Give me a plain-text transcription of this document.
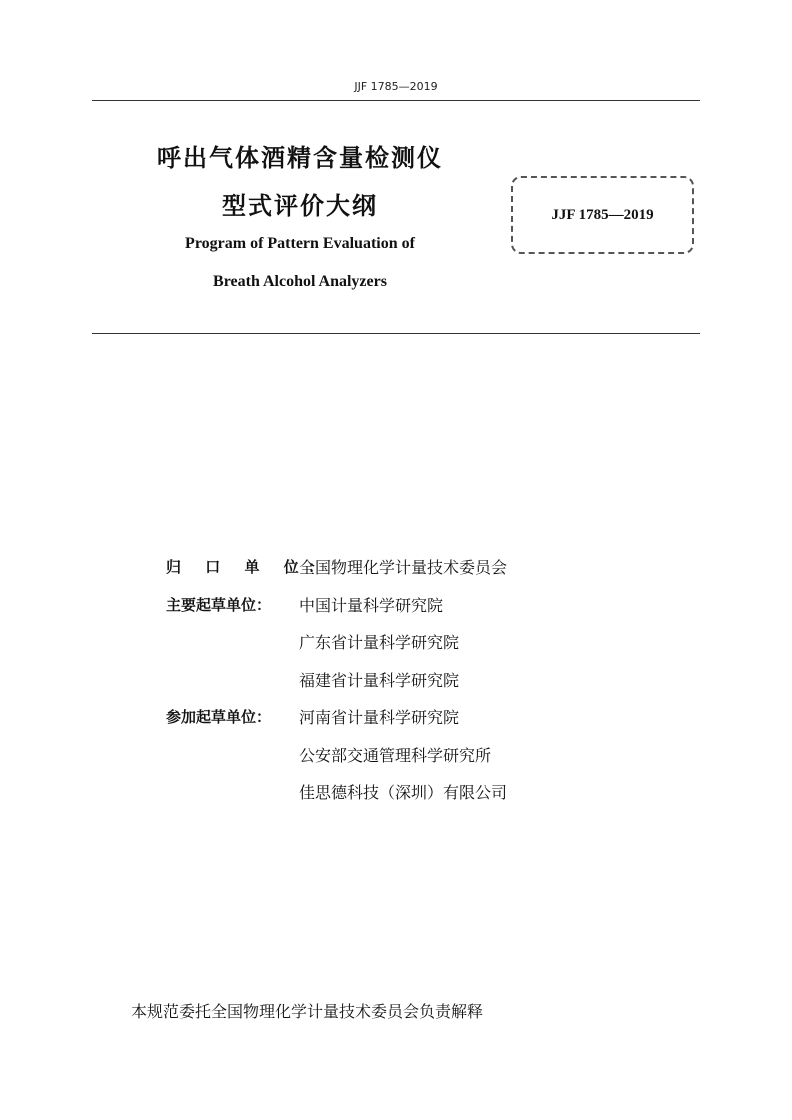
JJF 1785—2019
呼出气体酒精含量检测仪
型式评价大纲
Program of Pattern Evaluation of
Breath Alcohol Analyzers
JJF 1785—2019
归 口 单 位：
全国物理化学计量技术委员会
主要起草单位：	中国计量科学研究院
广东省计量科学研究院
福建省计量科学研究院
参加起草单位：	河南省计量科学研究院
公安部交通管理科学研究所
佳思德科技（深圳）有限公司
本规范委托全国物理化学计量技术委员会负责解释
